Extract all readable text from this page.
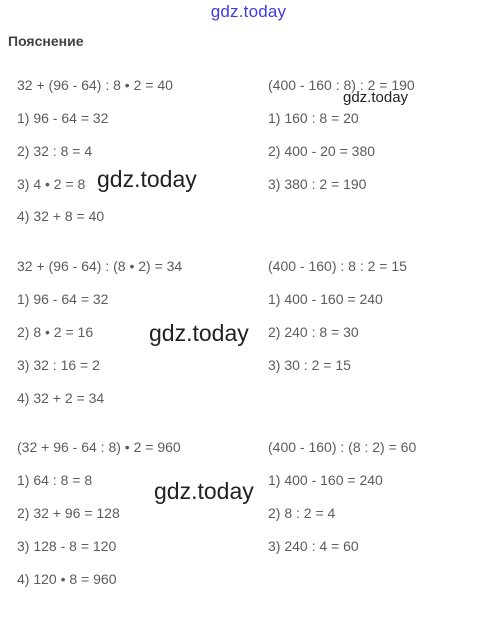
gdz.today
Пояснение
32 + (96 - 64) : 8 • 2 = 40
1) 96 - 64 = 32
2) 32 : 8 = 4
3) 4 • 2 = 8
4) 32 + 8 = 40
(400 - 160 : 8) : 2 = 190
1) 160 : 8 = 20
2) 400 - 20 = 380
3) 380 : 2 = 190
32 + (96 - 64) : (8 • 2) = 34
1) 96 - 64 = 32
2) 8 • 2 = 16
3) 32 : 16 = 2
4) 32 + 2 = 34
(400 - 160) : 8 : 2 = 15
1) 400 - 160 = 240
2) 240 : 8 = 30
3) 30 : 2 = 15
(32 + 96 - 64 : 8) • 2 = 960
1) 64 : 8 = 8
2) 32 + 96 = 128
3) 128 - 8 = 120
4) 120 • 8 = 960
(400 - 160) : (8 : 2) = 60
1) 400 - 160 = 240
2) 8 : 2 = 4
3) 240 : 4 = 60
gdz.today
gdz.today
gdz.today
gdz.today
